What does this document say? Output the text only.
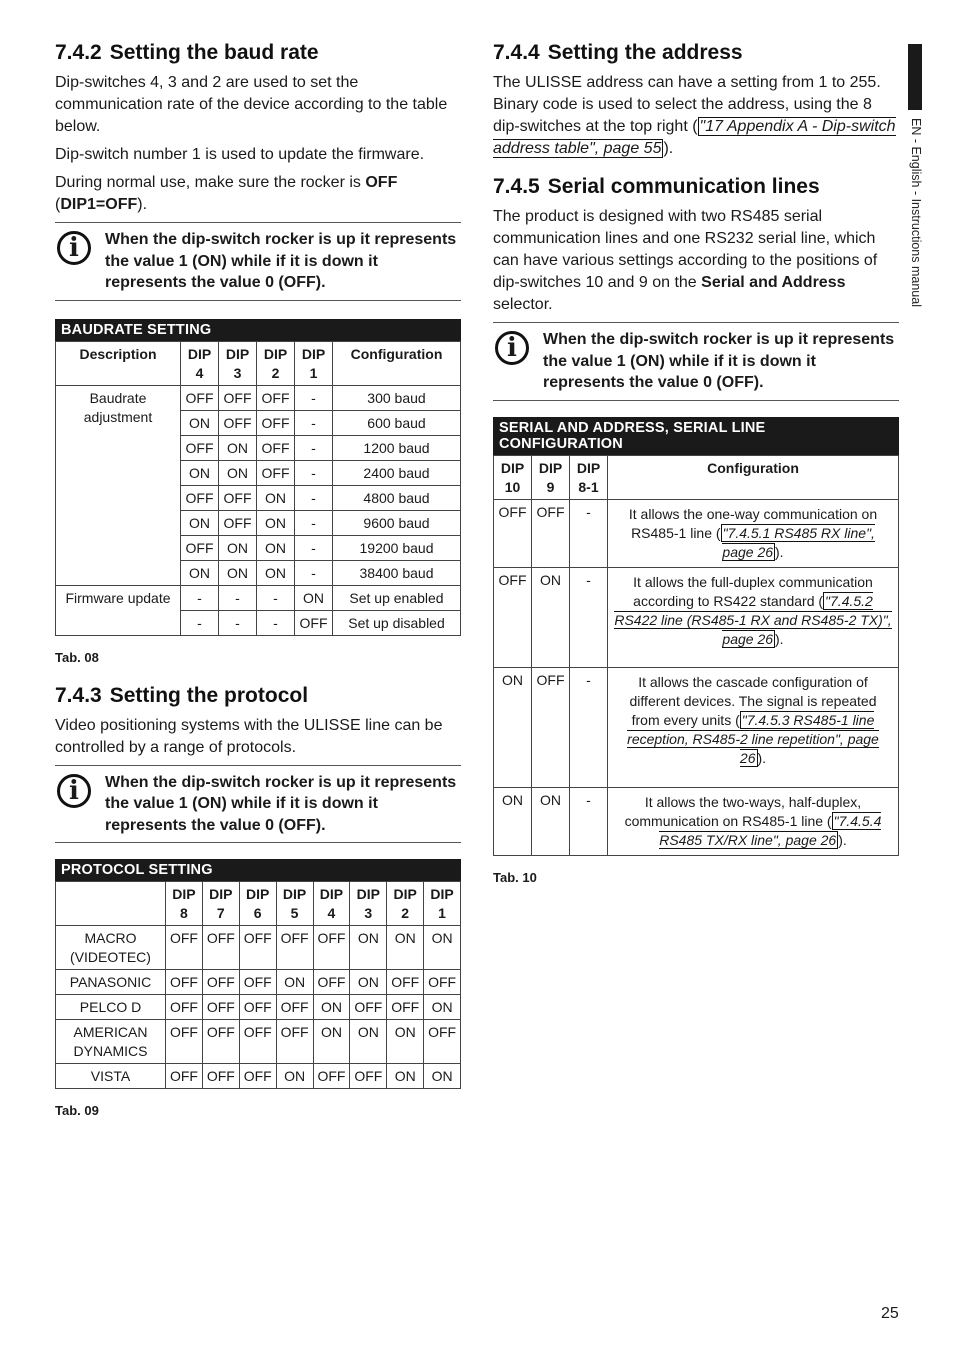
EN - English - Instructions manual
25
7.4.2 Setting the baud rate

Dip-switches 4, 3 and 2 are used to set the communication rate of the device according to the table below.

Dip-switch number 1 is used to update the firmware.

During normal use, make sure the rocker is OFF (DIP1=OFF).

i	When the dip-switch rocker is up it represents the value 1 (ON) while if it is down it represents the value 0 (OFF).
BAUDRATE SETTING
Description	DIP 4	DIP 3	DIP 2	DIP 1	Configuration
Baudrate adjustment	OFF	OFF	OFF	-	300 baud
	ON	OFF	OFF	-	600 baud
	OFF	ON	OFF	-	1200 baud
	ON	ON	OFF	-	2400 baud
	OFF	OFF	ON	-	4800 baud
	ON	OFF	ON	-	9600 baud
	OFF	ON	ON	-	19200 baud
	ON	ON	ON	-	38400 baud
Firmware update	-	-	-	ON	Set up enabled
	-	-	-	OFF	Set up disabled
Tab. 08
7.4.3 Setting the protocol

Video positioning systems with the ULISSE line can be controlled by a range of protocols.

i	When the dip-switch rocker is up it represents the value 1 (ON) while if it is down it represents the value 0 (OFF).
PROTOCOL SETTING
	DIP 8	DIP 7	DIP 6	DIP 5	DIP 4	DIP 3	DIP 2	DIP 1
MACRO (VIDEOTEC)	OFF	OFF	OFF	OFF	OFF	ON	ON	ON
PANASONIC	OFF	OFF	OFF	ON	OFF	ON	OFF	OFF
PELCO D	OFF	OFF	OFF	OFF	ON	OFF	OFF	ON
AMERICAN DYNAMICS	OFF	OFF	OFF	OFF	ON	ON	ON	OFF
VISTA	OFF	OFF	OFF	ON	OFF	OFF	ON	ON
Tab. 09
7.4.4 Setting the address

The ULISSE address can have a setting from 1 to 255. Binary code is used to select the address, using the 8 dip-switches at the top right ( "17 Appendix A - Dip-switch address table", page 55 ).

7.4.5 Serial communication lines

The product is designed with two RS485 serial communication lines and one RS232 serial line, which can have various settings according to the positions of dip-switches 10 and 9 on the Serial and Address selector.

i	When the dip-switch rocker is up it represents the value 1 (ON) while if it is down it represents the value 0 (OFF).
SERIAL AND ADDRESS, SERIAL LINE CONFIGURATION
DIP 10	DIP 9	DIP 8-1	Configuration
OFF	OFF	-	It allows the one-way communication on RS485-1 line ( "7.4.5.1 RS485 RX line", page 26 ).
OFF	ON	-	It allows the full-duplex communication according to RS422 standard ( "7.4.5.2 RS422 line (RS485-1 RX and RS485-2 TX)", page 26 ).
ON	OFF	-	It allows the cascade configuration of different devices. The signal is repeated from every units ( "7.4.5.3 RS485-1 line reception, RS485-2 line repetition", page 26 ).
ON	ON	-	It allows the two-ways, half-duplex, communication on RS485-1 line ( "7.4.5.4 RS485 TX/RX line", page 26 ).
Tab. 10
